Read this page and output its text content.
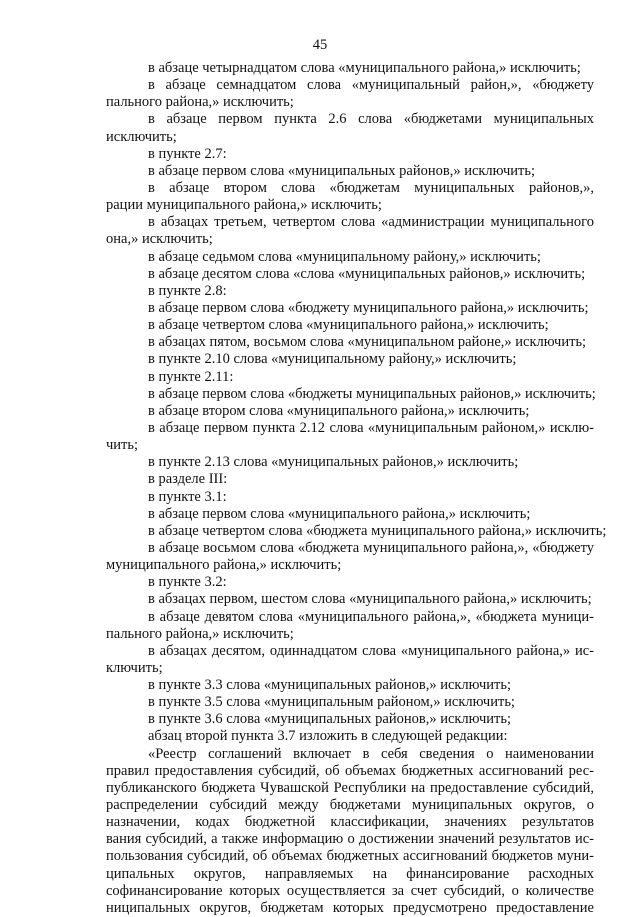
45
в абзаце четырнадцатом слова «муниципального района,» исключить;
в абзаце семнадцатом слова «муниципальный район,», «бюджету
пального района,» исключить;
в абзаце первом пункта 2.6 слова «бюджетами муниципальных
исключить;
в пункте 2.7:
в абзаце первом слова «муниципальных районов,» исключить;
в абзаце втором слова «бюджетам муниципальных районов,»,
рации муниципального района,» исключить;
в абзацах третьем, четвертом слова «администрации муниципального
она,» исключить;
в абзаце седьмом слова «муниципальному району,» исключить;
в абзаце десятом слова «слова «муниципальных районов,» исключить;
в пункте 2.8:
в абзаце первом слова «бюджету муниципального района,» исключить;
в абзаце четвертом слова «муниципального района,» исключить;
в абзацах пятом, восьмом слова «муниципальном районе,» исключить;
в пункте 2.10 слова «муниципальному району,» исключить;
в пункте 2.11:
в абзаце первом слова «бюджеты муниципальных районов,» исключить;
в абзаце втором слова «муниципального района,» исключить;
в абзаце первом пункта 2.12 слова «муниципальным районом,» исклю-
чить;
в пункте 2.13 слова «муниципальных районов,» исключить;
в разделе III:
в пункте 3.1:
в абзаце первом слова «муниципального района,» исключить;
в абзаце четвертом слова «бюджета муниципального района,» исключить;
в абзаце восьмом слова «бюджета муниципального района,», «бюджету
муниципального района,» исключить;
в пункте 3.2:
в абзацах первом, шестом слова «муниципального района,» исключить;
в абзаце девятом слова «муниципального района,», «бюджета муници-
пального района,» исключить;
в абзацах десятом, одиннадцатом слова «муниципального района,» ис-
ключить;
в пункте 3.3 слова «муниципальных районов,» исключить;
в пункте 3.5 слова «муниципальным районом,» исключить;
в пункте 3.6 слова «муниципальных районов,» исключить;
абзац второй пункта 3.7 изложить в следующей редакции:
«Реестр соглашений включает в себя сведения о наименовании
правил предоставления субсидий, об объемах бюджетных ассигнований рес-
публиканского бюджета Чувашской Республики на предоставление субсидий,
распределении субсидий между бюджетами муниципальных округов, о
назначении, кодах бюджетной классификации, значениях результатов
вания субсидий, а также информацию о достижении значений результатов ис-
пользования субсидий, об объемах бюджетных ассигнований бюджетов муни-
ципальных округов, направляемых на финансирование расходных
софинансирование которых осуществляется за счет субсидий, о количестве
ниципальных округов, бюджетам которых предусмотрено предоставление
